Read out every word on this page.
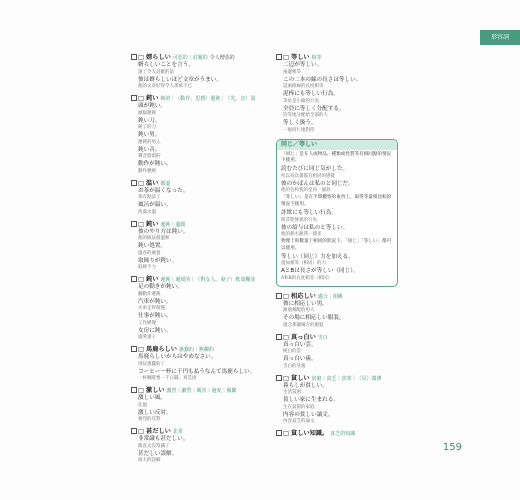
形容詞
□ 婿らしい 可惡的｜討厭的 令人憎惡的
婿らしいことを言う。
說了令人討厭的話
彼は婿らしいほど文章がうまい。
他的文章好得令人羡慕不已
□ 鈍い 鈍的｜（動作、思想）遲鈍｜（光、音）弱
頭が鈍い。
頭腦遲鈍
鈍い刀。
鈍了的刀
鈍い男。
遲鈍的男人
鈍い音。
聲音悶悶的
動作が鈍い。
動作遲緩
□ 温い 微溫
お茶が温くなった。
茶有點涼了
風呂が温い。
洗澡水溫
□ 鈍い 遲鈍｜溫暖
彼のやり方は鈍い。
他的做法很溫和
鈍い処置。
溫吞的處置
取締りが鈍い。
取締不力
□ 鈍い 遲鈍｜遲緩的｜（對女人、妻子）軟弱糊塗
足の動きが鈍い。
腳動作遲鈍
汽車が鈍い。
火車走得很慢
仕事が鈍い。
工作緩慢
女房に鈍い。
溺愛妻子
□ 馬鹿らしい 愚蠢的｜無聊的
馬鹿らしいからはやめなさい。
別玩愚蠢的了
コーヒー一杯に千円も払うなんて馬鹿らしい。
一杯咖啡要一千日圓，真荒唐
□ 激しい 激烈｜劇烈｜厲害｜過度｜頻繁
激しい風。
狂風
激しい反対。
強烈的反對
□ 甚だしい 非常
非常識も甚だしい。
簡直太沒常識了
甚だしい誤解。
很大的誤解
□ 等しい 相等
二辺が等しい。
兩邊相等
この二本の線の長さは等しい。
這兩條線的長度相等
泥棒にも等しい行為。
等於是小偷的行為
全員に等しく分配する。
均等地分配給全部的人
等しく扱う。
一視同仁地對待
同じ／等しい
「同じ」是在人或物品，種類或性質等有相同點的情況下使用。
読むたびに同じ気がした。
所以每次讀都有相同的感覺
彼のかばんは私のと同じだ。
他的包和我的是同一個款
「等しい」是在手間觀察的東西上，取得等量相比較的情況下使用。
詐欺にも等しい行為。
與詐欺無異的行為
彼の給与は私のと等しい。
他的薪水跟我一樣多
物理上和數量上相同的狀況下，「同じ」「等しい」都可以使用。
等しい（同じ）力を加える。
施加相等（相同）的力
AとBは長さが等しい（同じ）。
A和B的長度相等（相同）
□ 相応しい 適合｜相稱
彼に相応しい男。
跟他相配的男人
その場に相応しい服装。
適合那個場合的服裝
□ 真っ白い 雪白
真っ白い雲。
純白的雲
真っ白い歯。
雪白的牙齒
□ 貧しい 貧窮｜貧乏｜貧寒｜（見）微薄
暮らしが貧しい。
生活貧困
貧しい家に生まれる。
生在貧窮的家庭
内容の貧しい論文。
內容貧乏的論文
□ 貧しい知識。 貧乏的知識
159
